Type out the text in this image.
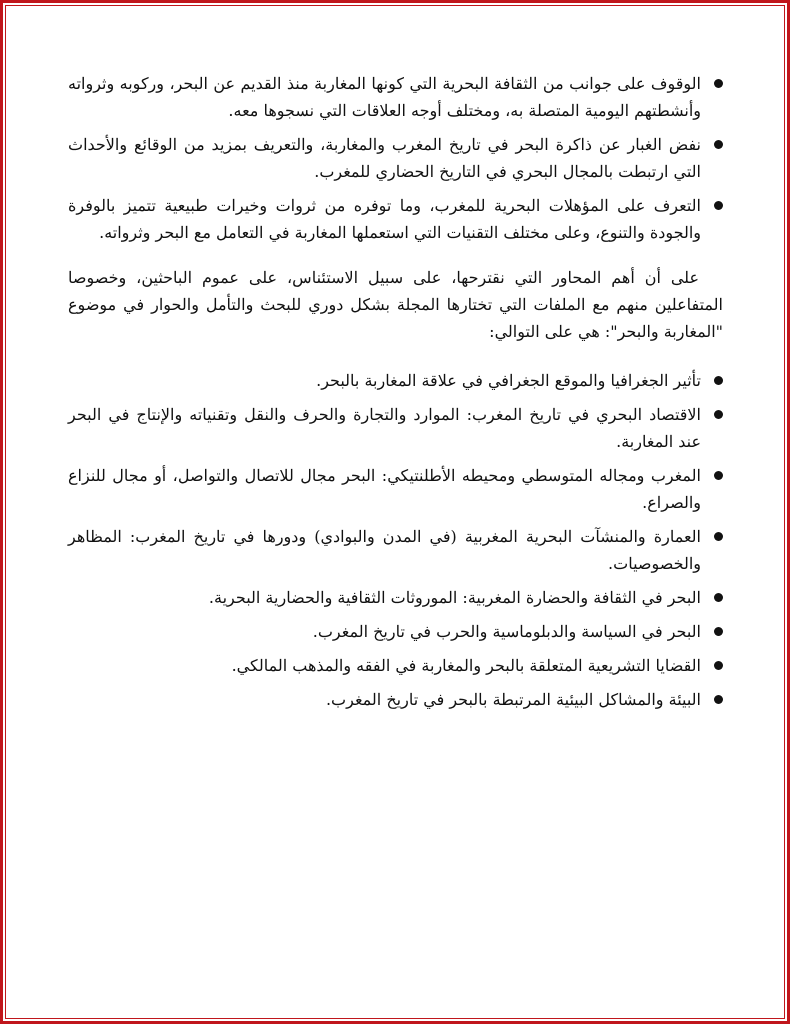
الوقوف على جوانب من الثقافة البحرية التي كونها المغاربة منذ القديم عن البحر، وركوبه وثرواته وأنشطتهم اليومية المتصلة به، ومختلف أوجه العلاقات التي نسجوها معه.
نفض الغبار عن ذاكرة البحر في تاريخ المغرب والمغاربة، والتعريف بمزيد من الوقائع والأحداث التي ارتبطت بالمجال البحري في التاريخ الحضاري للمغرب.
التعرف على المؤهلات البحرية للمغرب، وما توفره من ثروات وخيرات طبيعية تتميز بالوفرة والجودة والتنوع، وعلى مختلف التقنيات التي استعملها المغاربة في التعامل مع البحر وثرواته.

على أن أهم المحاور التي نقترحها، على سبيل الاستئناس، على عموم الباحثين، وخصوصا المتفاعلين منهم مع الملفات التي تختارها المجلة بشكل دوري للبحث والتأمل والحوار في موضوع "المغاربة والبحر": هي على التوالي:

تأثير الجغرافيا والموقع الجغرافي في علاقة المغاربة بالبحر.
الاقتصاد البحري في تاريخ المغرب: الموارد والتجارة والحرف والنقل وتقنياته والإنتاج في البحر عند المغاربة.
المغرب ومجاله المتوسطي ومحيطه الأطلنتيكي: البحر مجال للاتصال والتواصل، أو مجال للنزاع والصراع.
العمارة والمنشآت البحرية المغربية (في المدن والبوادي) ودورها في تاريخ المغرب: المظاهر والخصوصيات.
البحر في الثقافة والحضارة المغربية: الموروثات الثقافية والحضارية البحرية.
البحر في السياسة والدبلوماسية والحرب في تاريخ المغرب.
القضايا التشريعية المتعلقة بالبحر والمغاربة في الفقه والمذهب المالكي.
البيئة والمشاكل البيئية المرتبطة بالبحر في تاريخ المغرب.
